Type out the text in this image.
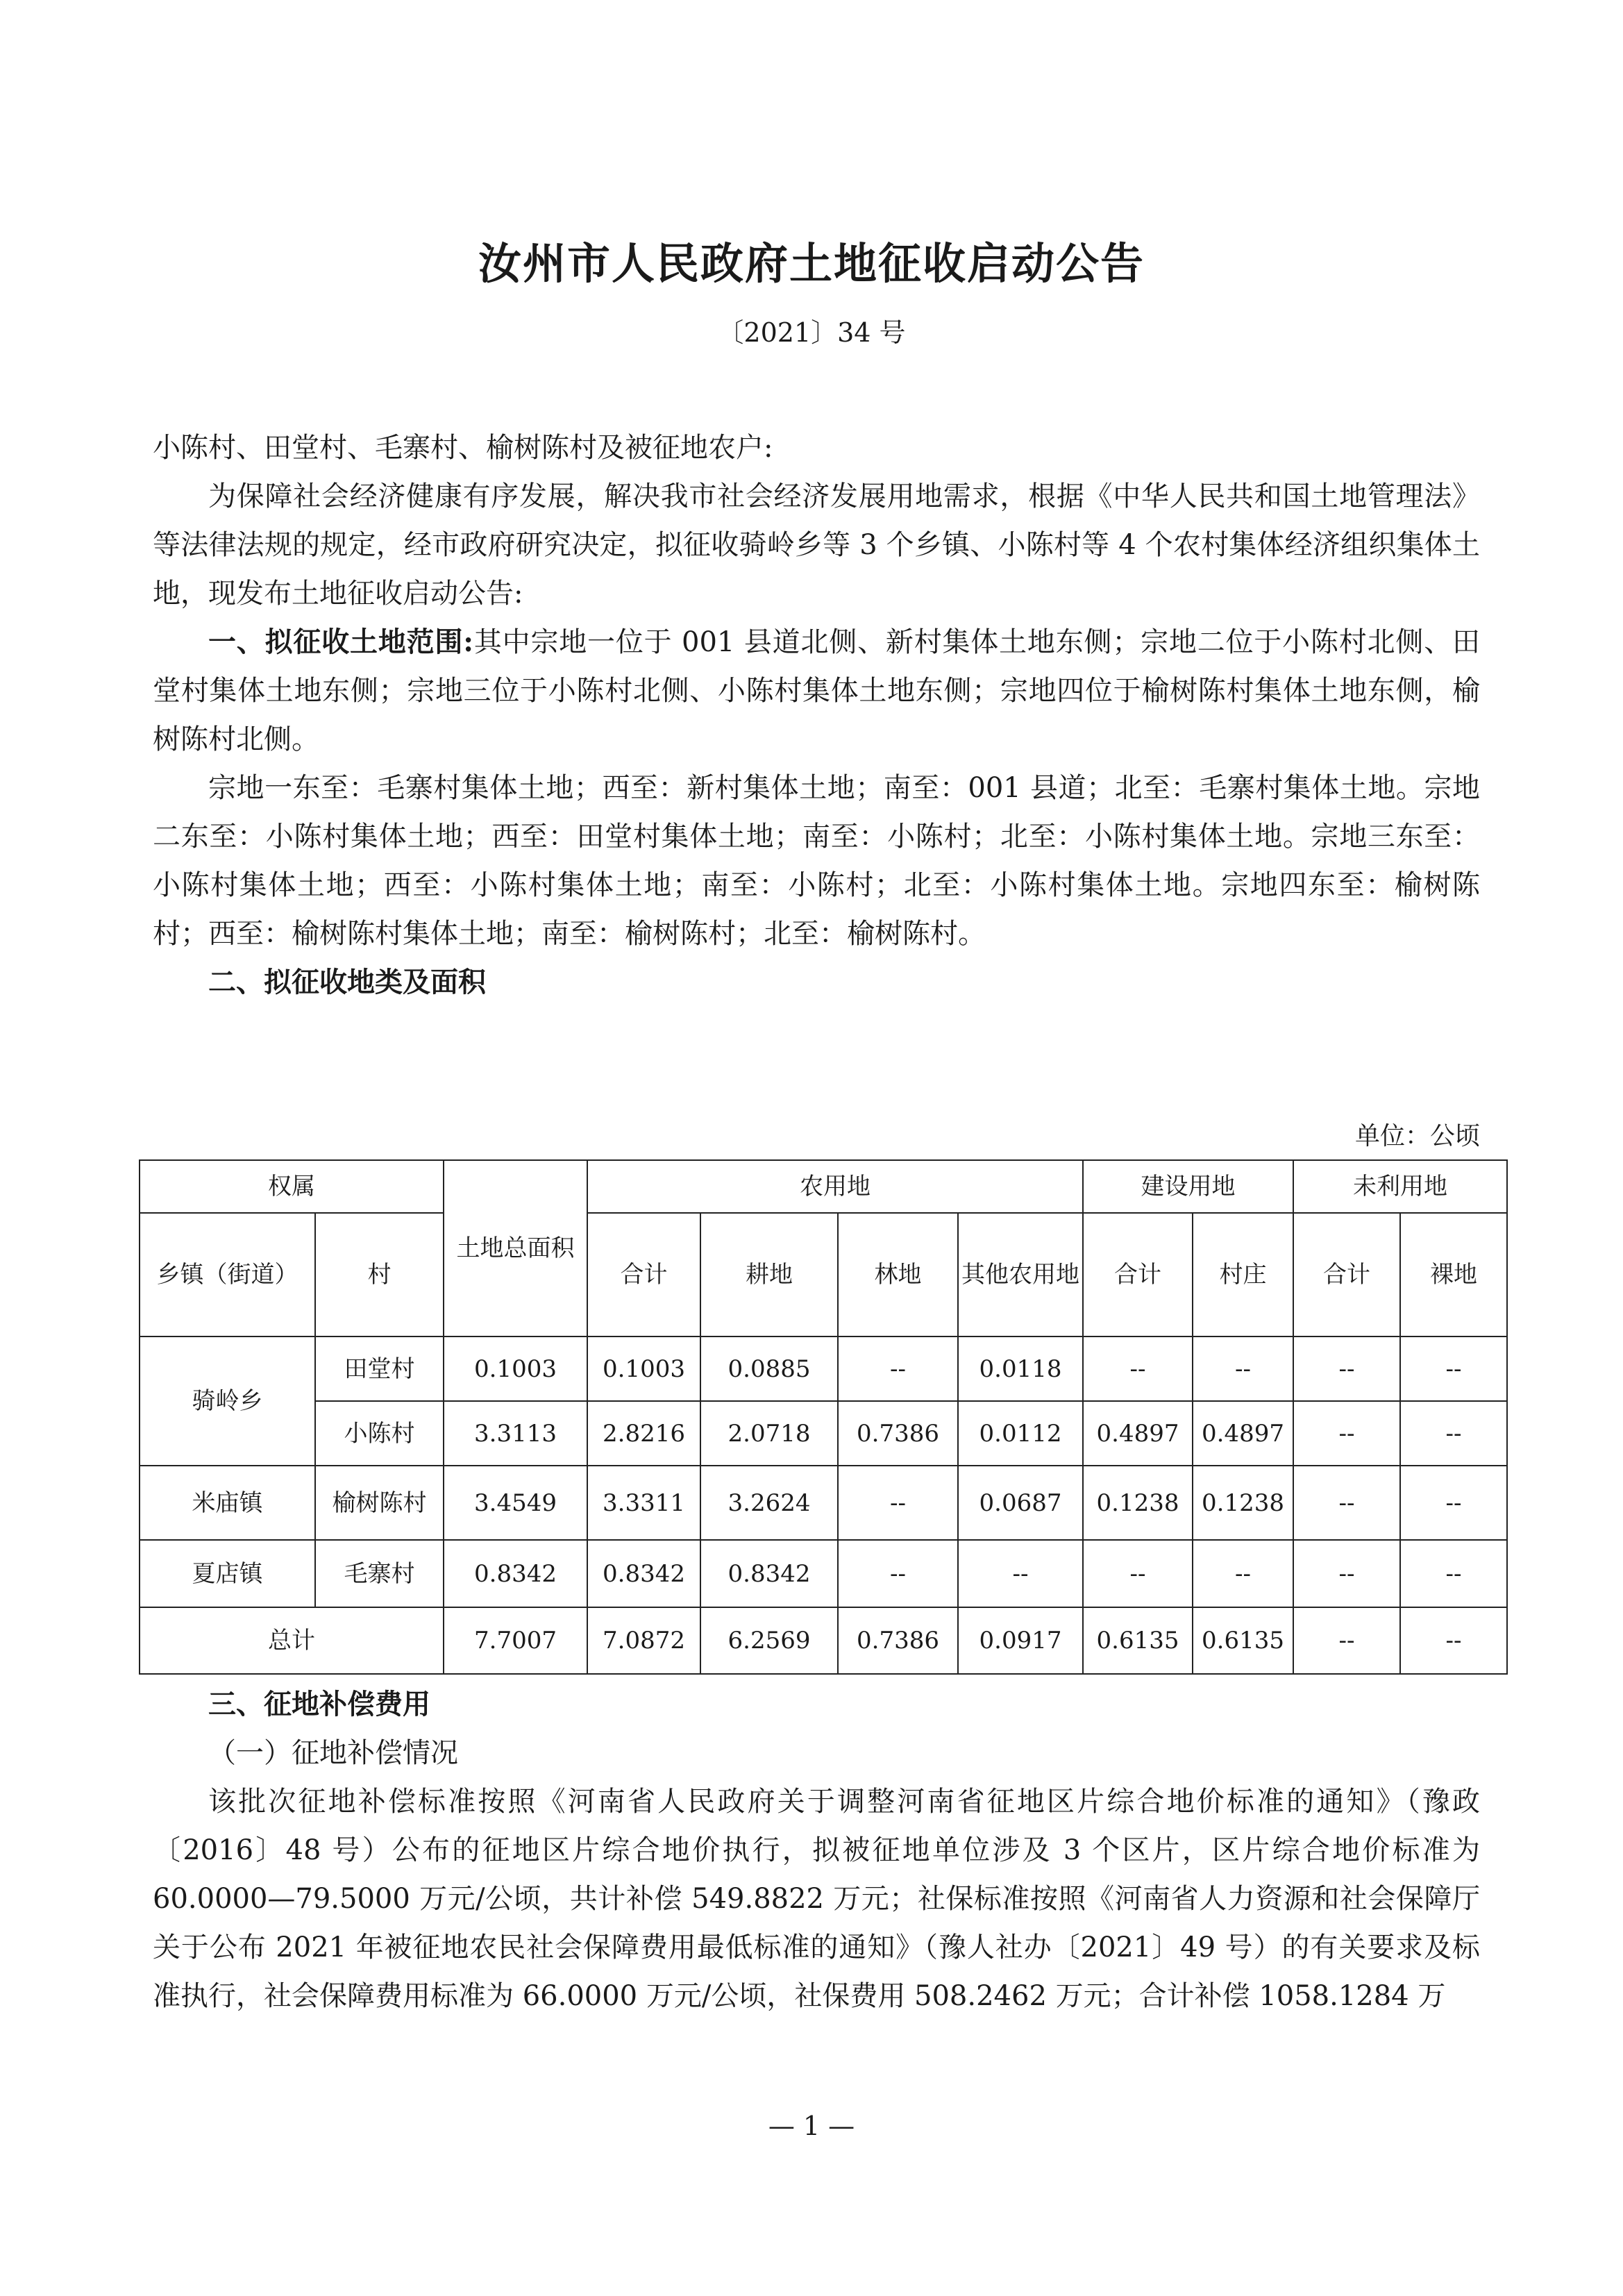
汝州市人民政府土地征收启动公告
〔2021〕34 号

小陈村、田堂村、毛寨村、榆树陈村及被征地农户:

为保障社会经济健康有序发展，解决我市社会经济发展用地需求，根据《中华人民共和国土地管理法》等法律法规的规定，经市政府研究决定，拟征收骑岭乡等 3 个乡镇、小陈村等 4 个农村集体经济组织集体土地，现发布土地征收启动公告:

一、拟征收土地范围:其中宗地一位于 001 县道北侧、新村集体土地东侧；宗地二位于小陈村北侧、田堂村集体土地东侧；宗地三位于小陈村北侧、小陈村集体土地东侧；宗地四位于榆树陈村集体土地东侧，榆树陈村北侧。

宗地一东至：毛寨村集体土地；西至：新村集体土地；南至：001 县道；北至：毛寨村集体土地。宗地二东至：小陈村集体土地；西至：田堂村集体土地；南至：小陈村；北至：小陈村集体土地。宗地三东至：小陈村集体土地；西至：小陈村集体土地；南至：小陈村；北至：小陈村集体土地。宗地四东至：榆树陈村；西至：榆树陈村集体土地；南至：榆树陈村；北至：榆树陈村。

二、拟征收地类及面积

单位：公顷
权属		土地总面积	农用地				建设用地		未利用地	
乡镇（街道）	村		合计	耕地	林地	其他农用地	合计	村庄	合计	裸地
骑岭乡	田堂村	0.1003	0.1003	0.0885	--	0.0118	--	--	--	--
	小陈村	3.3113	2.8216	2.0718	0.7386	0.0112	0.4897	0.4897	--	--
米庙镇	榆树陈村	3.4549	3.3311	3.2624	--	0.0687	0.1238	0.1238	--	--
夏店镇	毛寨村	0.8342	0.8342	0.8342	--	--	--	--	--	--
总计		7.7007	7.0872	6.2569	0.7386	0.0917	0.6135	0.6135	--	--

三、征地补偿费用

（一）征地补偿情况

该批次征地补偿标准按照《河南省人民政府关于调整河南省征地区片综合地价标准的通知》（豫政〔2016〕48 号）公布的征地区片综合地价执行，拟被征地单位涉及 3 个区片，区片综合地价标准为 60.0000—79.5000 万元/公顷，共计补偿 549.8822 万元；社保标准按照《河南省人力资源和社会保障厅关于公布 2021 年被征地农民社会保障费用最低标准的通知》（豫人社办〔2021〕49 号）的有关要求及标准执行，社会保障费用标准为 66.0000 万元/公顷，社保费用 508.2462 万元；合计补偿 1058.1284 万

— 1 —
